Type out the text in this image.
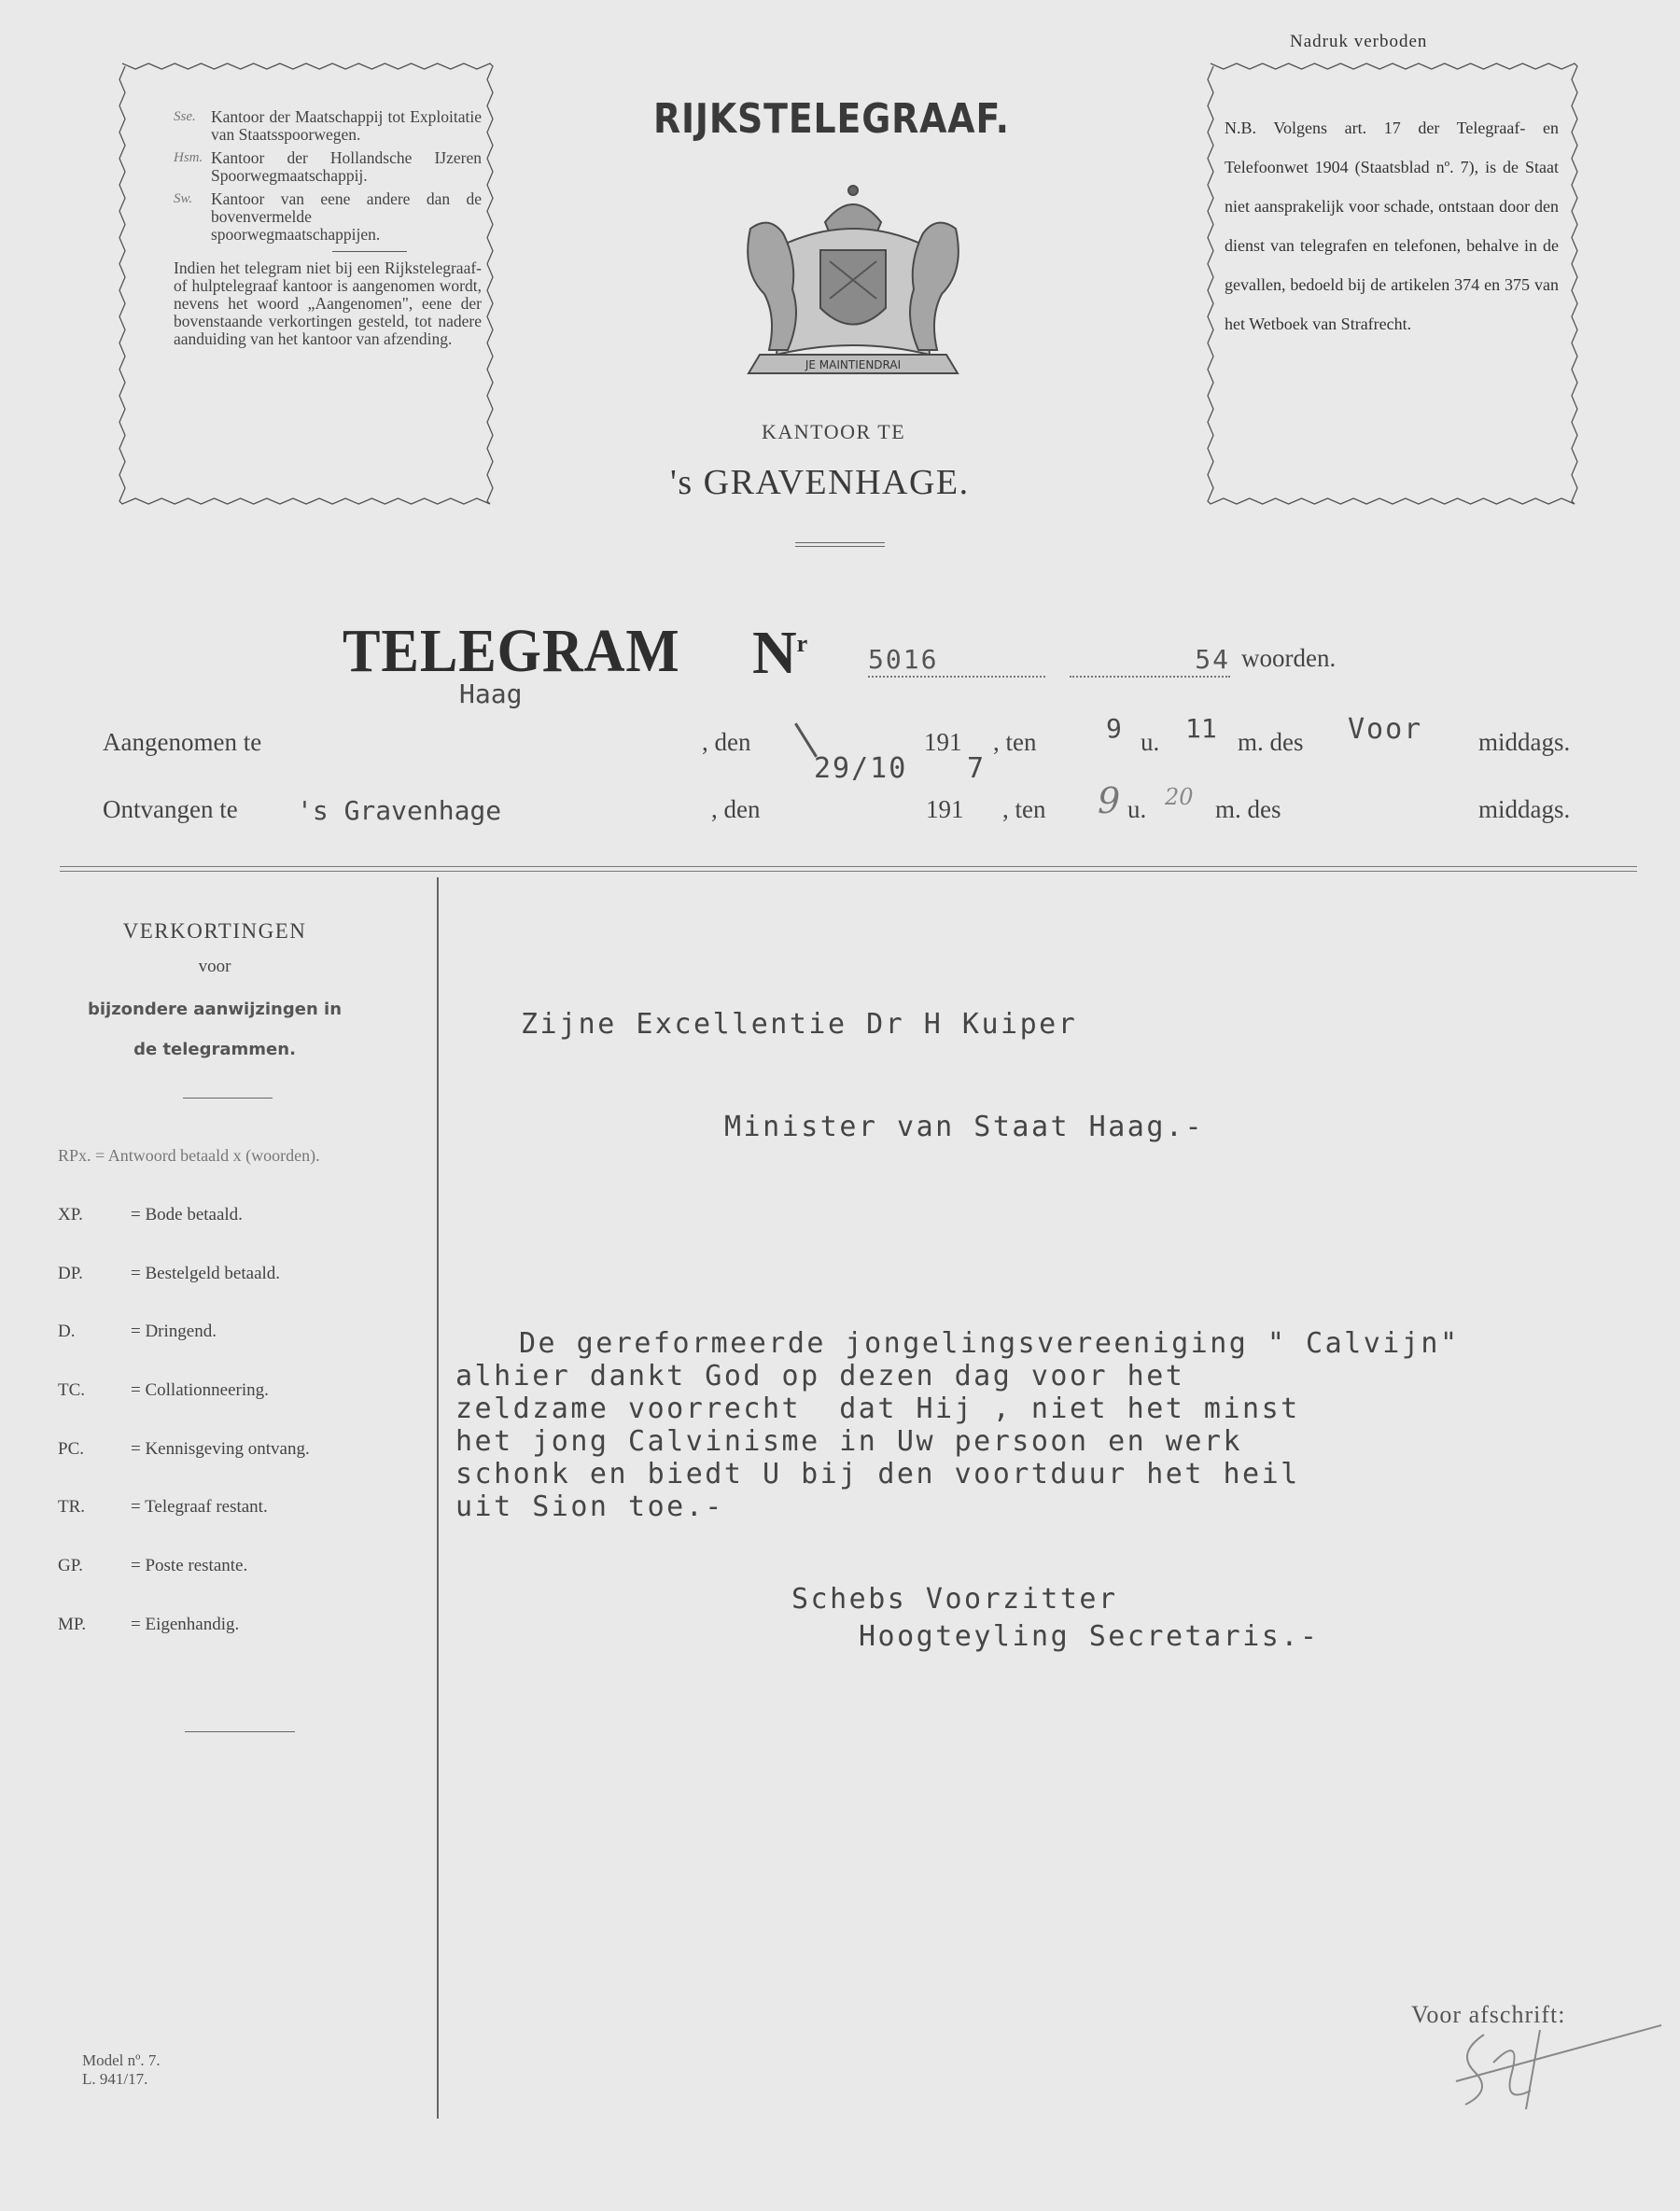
Sse. Kantoor der Maatschappij tot Exploitatie van Staatsspoorwegen.
Hsm. Kantoor der Hollandsche IJzeren Spoorwegmaatschappij.
Sw.	Kantoor van eene andere dan de bovenvermelde spoorwegmaatschappijen.
Indien het telegram niet bij een Rijkstelegraaf- of hulptelegraaf kantoor is aangenomen wordt, nevens het woord „Aangenomen", eene der bovenstaande verkortingen gesteld, tot nadere aanduiding van het kantoor van afzending.
Nadruk verboden
N.B. Volgens art. 17 der Telegraaf- en Telefoonwet 1904 (Staatsblad nº. 7), is de Staat niet aansprakelijk voor schade, ontstaan door den dienst van telegrafen en telefonen, behalve in de gevallen, bedoeld bij de artikelen 374 en 375 van het Wetboek van Strafrecht.
RIJKSTELEGRAAF.
JE MAINTIENDRAI
KANTOOR TE
's GRAVENHAGE.
TELEGRAM $N^r$
5016	54 woorden.
Haag
Aangenomen te	, den	191 , ten	9 u. 11 m. des Voor middags.
29/10 7
Ontvangen te 's Gravenhage	, den	191 , ten 9 u. 20 m. des	middags.
VERKORTINGEN
voor
bijzondere aanwijzingen in
de telegrammen.
RPx. = Antwoord betaald x (woorden).
XP.	= Bode betaald.
DP.	= Bestelgeld betaald.
D.	= Dringend.
TC.	= Collationneering.
PC.	= Kennisgeving ontvang.
TR.	= Telegraaf restant.
GP.	= Poste restante.
MP.	= Eigenhandig.
Model nº. 7.
L. 941/17.
Zijne Excellentie Dr H Kuiper
Minister van Staat Haag.-
De gereformeerde jongelingsvereeniging " Calvijn"
alhier dankt God op dezen dag voor het
zeldzame voorrecht  dat Hij , niet het minst
het jong Calvinisme in Uw persoon en werk
schonk en biedt U bij den voortduur het heil
uit Sion toe.-
Schebs Voorzitter
Hoogteyling Secretaris.-
Voor afschrift:
